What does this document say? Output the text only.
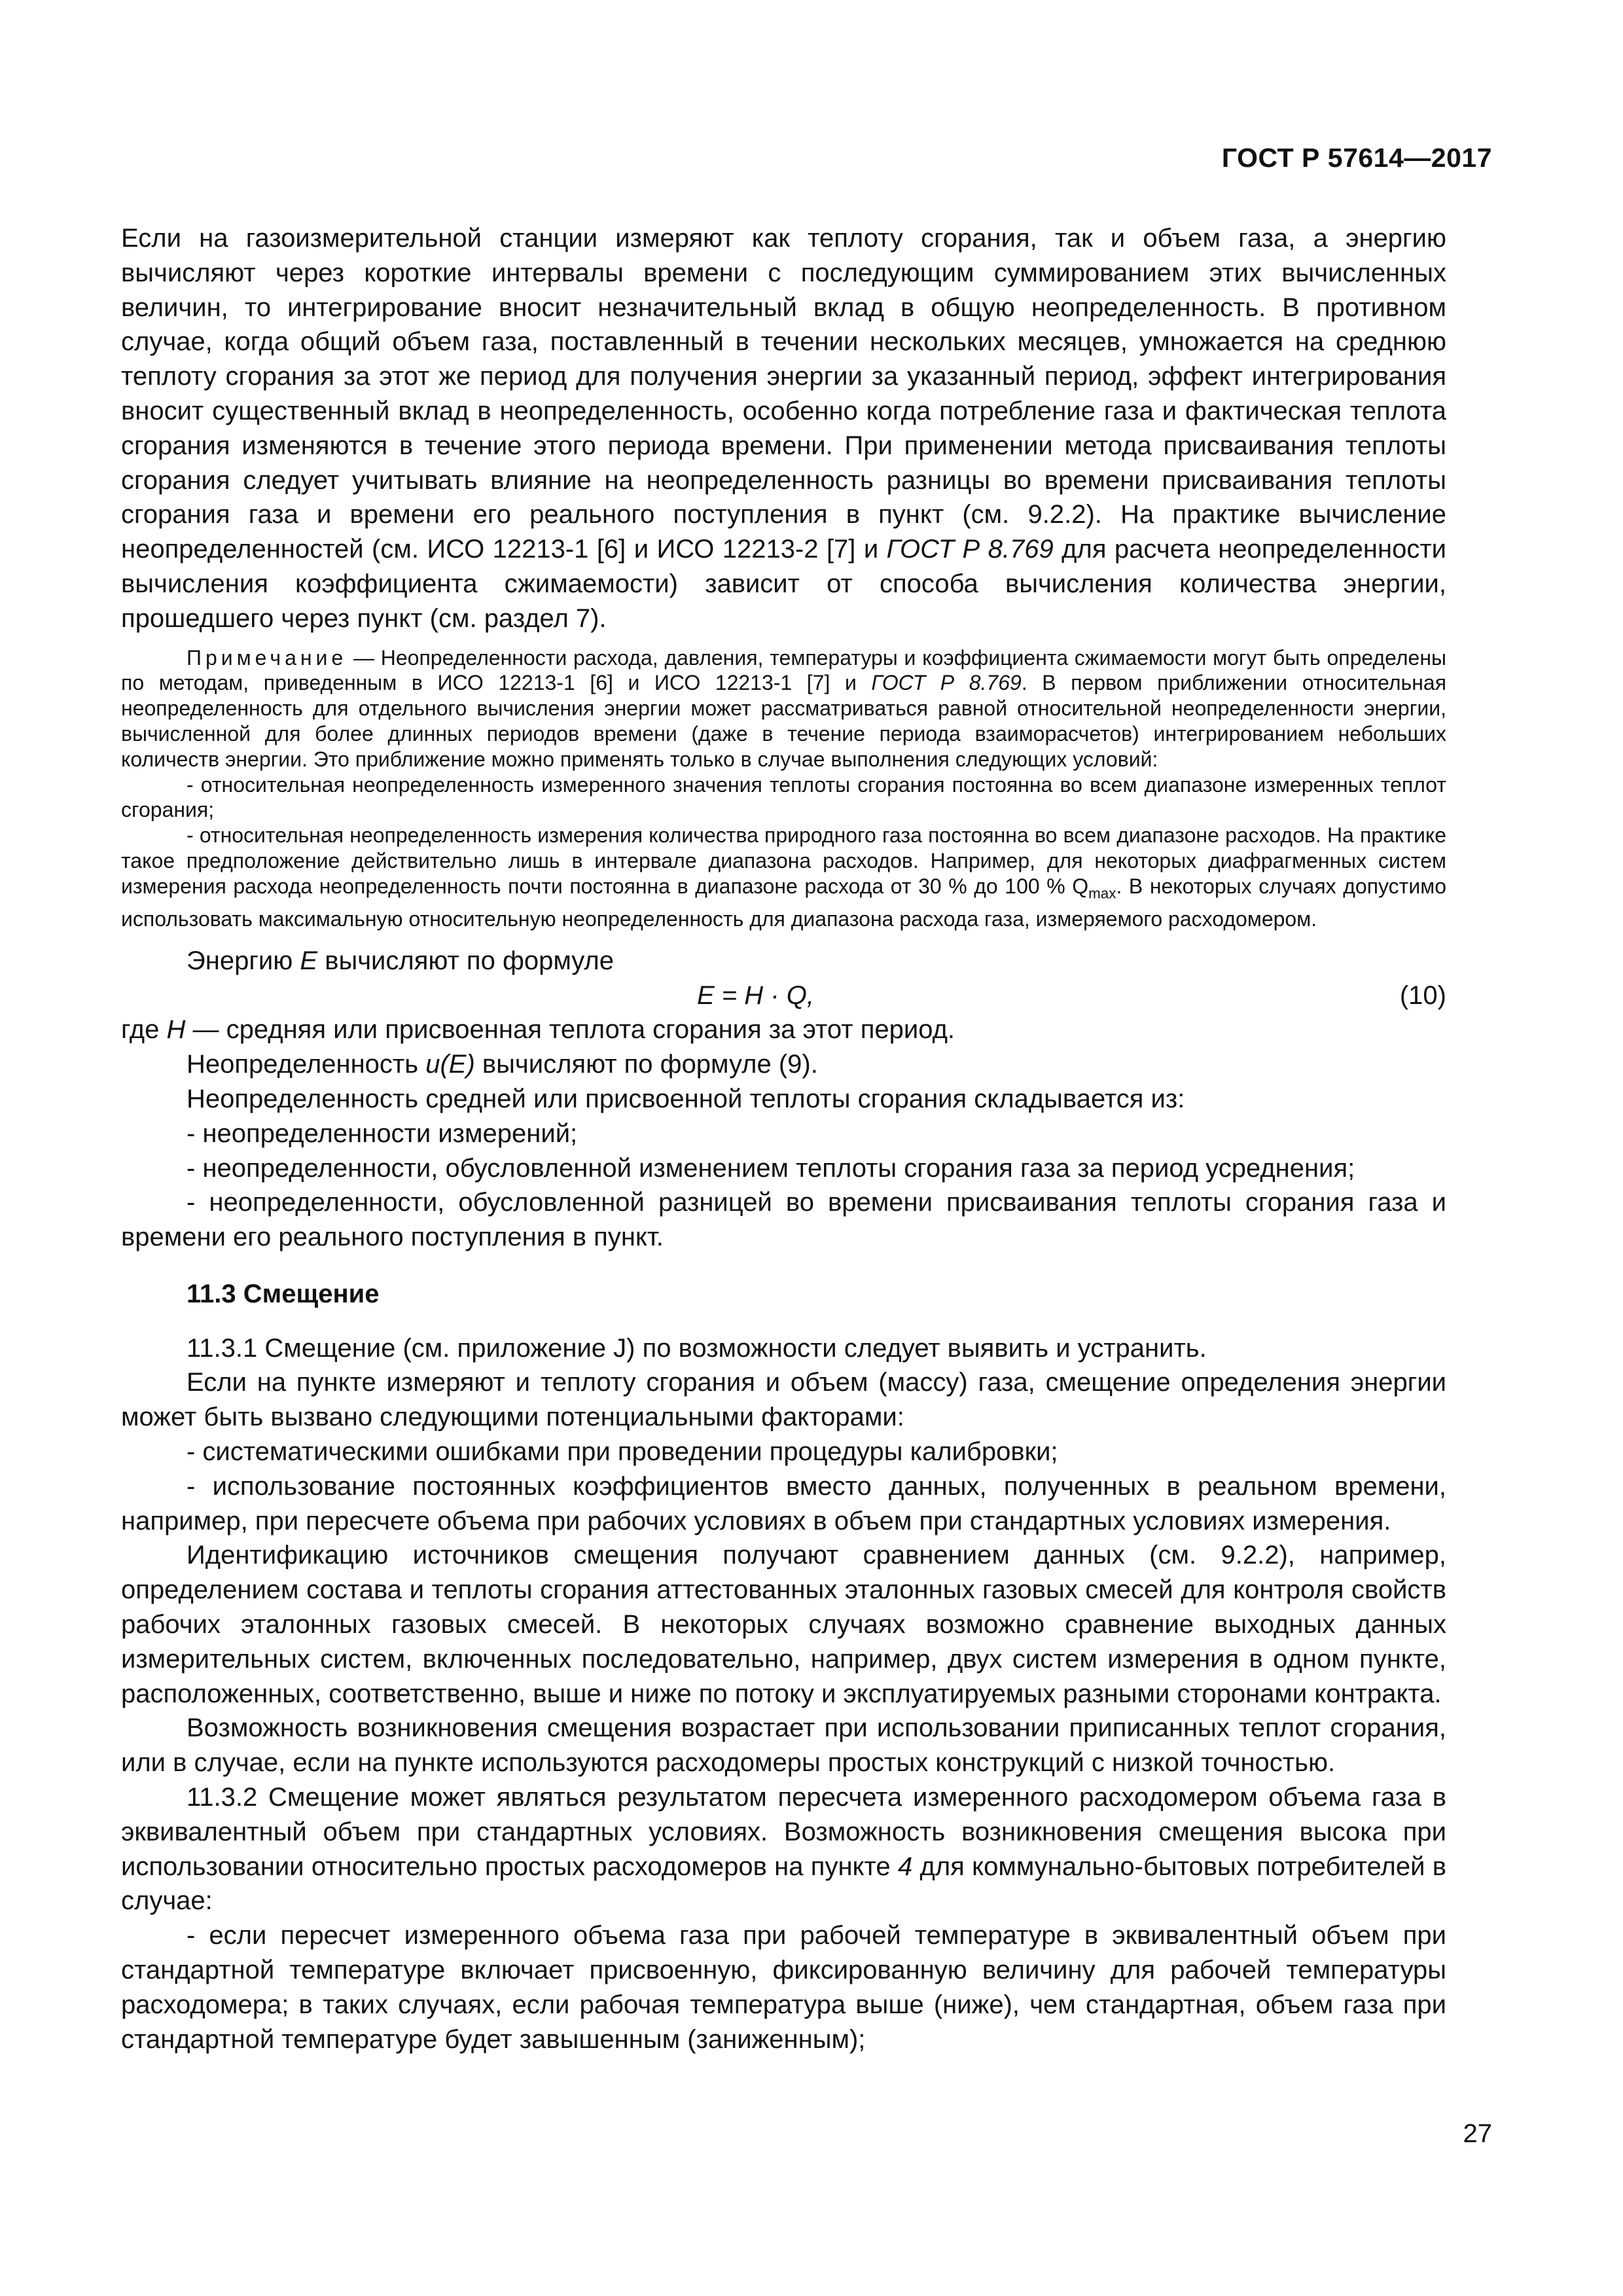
ГОСТ Р 57614—2017

Если на газоизмерительной станции измеряют как теплоту сгорания, так и объем газа, а энергию вычисляют через короткие интервалы времени с последующим суммированием этих вычисленных величин, то интегрирование вносит незначительный вклад в общую неопределенность. В противном случае, когда общий объем газа, поставленный в течении нескольких месяцев, умножается на среднюю теплоту сгорания за этот же период для получения энергии за указанный период, эффект интегрирования вносит существенный вклад в неопределенность, особенно когда потребление газа и фактическая теплота сгорания изменяются в течение этого периода времени. При применении метода присваивания теплоты сгорания следует учитывать влияние на неопределенность разницы во времени присваивания теплоты сгорания газа и времени его реального поступления в пункт (см. 9.2.2). На практике вычисление неопределенностей (см. ИСО 12213-1 [6] и ИСО 12213-2 [7] и ГОСТ Р 8.769 для расчета неопределенности вычисления коэффициента сжимаемости) зависит от способа вычисления количества энергии, прошедшего через пункт (см. раздел 7).

Примечание — Неопределенности расхода, давления, температуры и коэффициента сжимаемости могут быть определены по методам, приведенным в ИСО 12213-1 [6] и ИСО 12213-1 [7] и ГОСТ Р 8.769. В первом приближении относительная неопределенность для отдельного вычисления энергии может рассматриваться равной относительной неопределенности энергии, вычисленной для более длинных периодов времени (даже в течение периода взаиморасчетов) интегрированием небольших количеств энергии. Это приближение можно применять только в случае выполнения следующих условий:

- относительная неопределенность измеренного значения теплоты сгорания постоянна во всем диапазоне измеренных теплот сгорания;

- относительная неопределенность измерения количества природного газа постоянна во всем диапазоне расходов. На практике такое предположение действительно лишь в интервале диапазона расходов. Например, для некоторых диафрагменных систем измерения расхода неопределенность почти постоянна в диапазоне расхода от 30 % до 100 % $Q_{max}$. В некоторых случаях допустимо использовать максимальную относительную неопределенность для диапазона расхода газа, измеряемого расходомером.

Энергию E вычисляют по формуле

E = H · Q,	(10)

где H — средняя или присвоенная теплота сгорания за этот период.

Неопределенность u(E) вычисляют по формуле (9).

Неопределенность средней или присвоенной теплоты сгорания складывается из:

- неопределенности измерений;

- неопределенности, обусловленной изменением теплоты сгорания газа за период усреднения;

- неопределенности, обусловленной разницей во времени присваивания теплоты сгорания газа и времени его реального поступления в пункт.

11.3 Смещение

11.3.1 Смещение (см. приложение J) по возможности следует выявить и устранить.

Если на пункте измеряют и теплоту сгорания и объем (массу) газа, смещение определения энергии может быть вызвано следующими потенциальными факторами:

- систематическими ошибками при проведении процедуры калибровки;

- использование постоянных коэффициентов вместо данных, полученных в реальном времени, например, при пересчете объема при рабочих условиях в объем при стандартных условиях измерения.

Идентификацию источников смещения получают сравнением данных (см. 9.2.2), например, определением состава и теплоты сгорания аттестованных эталонных газовых смесей для контроля свойств рабочих эталонных газовых смесей. В некоторых случаях возможно сравнение выходных данных измерительных систем, включенных последовательно, например, двух систем измерения в одном пункте, расположенных, соответственно, выше и ниже по потоку и эксплуатируемых разными сторонами контракта.

Возможность возникновения смещения возрастает при использовании приписанных теплот сгорания, или в случае, если на пункте используются расходомеры простых конструкций с низкой точностью.

11.3.2 Смещение может являться результатом пересчета измеренного расходомером объема газа в эквивалентный объем при стандартных условиях. Возможность возникновения смещения высока при использовании относительно простых расходомеров на пункте 4 для коммунально-бытовых потребителей в случае:

- если пересчет измеренного объема газа при рабочей температуре в эквивалентный объем при стандартной температуре включает присвоенную, фиксированную величину для рабочей температуры расходомера; в таких случаях, если рабочая температура выше (ниже), чем стандартная, объем газа при стандартной температуре будет завышенным (заниженным);

27
